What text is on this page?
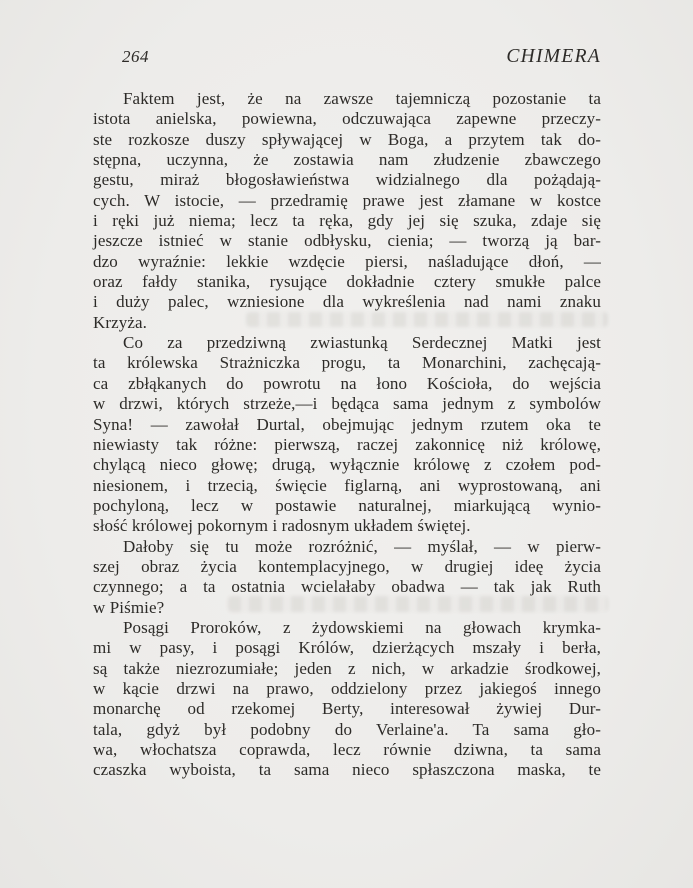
264	CHIMERA
Faktem jest, że na zawsze tajemniczą pozostanie ta
istota anielska, powiewna, odczuwająca zapewne przeczy-
ste rozkosze duszy spływającej w Boga, a przytem tak do-
stępna, uczynna, że zostawia nam złudzenie zbawczego
gestu, miraż błogosławieństwa widzialnego dla pożądają-
cych. W istocie, — przedramię prawe jest złamane w kostce
i ręki już niema; lecz ta ręka, gdy jej się szuka, zdaje się
jeszcze istnieć w stanie odbłysku, cienia; — tworzą ją bar-
dzo wyraźnie: lekkie wzdęcie piersi, naśladujące dłoń, —
oraz fałdy stanika, rysujące dokładnie cztery smukłe palce
i duży palec, wzniesione dla wykreślenia nad nami znaku
Krzyża.
Co za przedziwną zwiastunką Serdecznej Matki jest
ta królewska Strażniczka progu, ta Monarchini, zachęcają-
ca zbłąkanych do powrotu na łono Kościoła, do wejścia
w drzwi, których strzeże,—i będąca sama jednym z symbolów
Syna! — zawołał Durtal, obejmując jednym rzutem oka te
niewiasty tak różne: pierwszą, raczej zakonnicę niż królowę,
chylącą nieco głowę; drugą, wyłącznie królowę z czołem pod-
niesionem, i trzecią, święcie figlarną, ani wyprostowaną, ani
pochyloną, lecz w postawie naturalnej, miarkującą wynio-
słość królowej pokornym i radosnym układem świętej.
Dałoby się tu może rozróżnić, — myślał, — w pierw-
szej obraz życia kontemplacyjnego, w drugiej ideę życia
czynnego; a ta ostatnia wcielałaby obadwa — tak jak Ruth
w Piśmie?
Posągi Proroków, z żydowskiemi na głowach krymka-
mi w pasy, i posągi Królów, dzierżących mszały i berła,
są także niezrozumiałe; jeden z nich, w arkadzie środkowej,
w kącie drzwi na prawo, oddzielony przez jakiegoś innego
monarchę od rzekomej Berty, interesował żywiej Dur-
tala, gdyż był podobny do Verlaine'a. Ta sama gło-
wa, włochatsza coprawda, lecz równie dziwna, ta sama
czaszka wyboista, ta sama nieco spłaszczona maska, te
